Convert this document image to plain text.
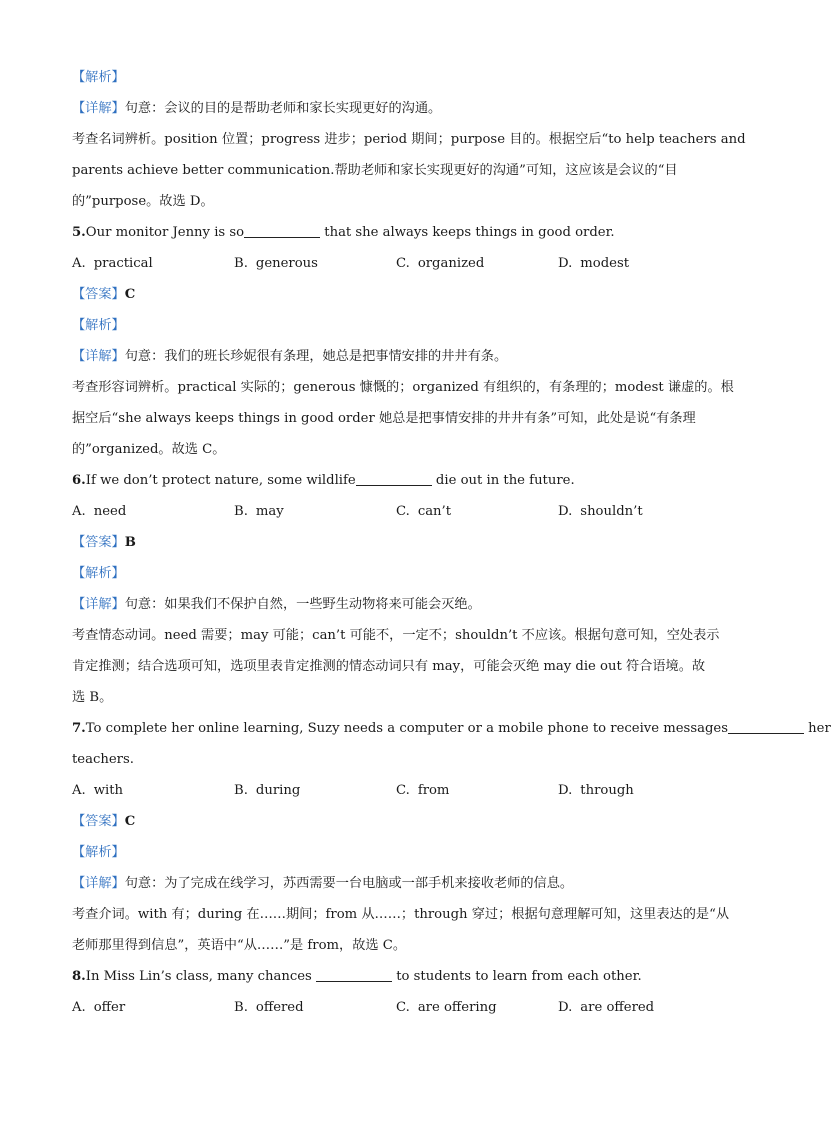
【解析】
【详解】句意：会议的目的是帮助老师和家长实现更好的沟通。
考查名词辨析。position 位置；progress 进步；period 期间；purpose 目的。根据空后“to help teachers and
parents achieve better communication.帮助老师和家长实现更好的沟通”可知，这应该是会议的“目
的”purpose。故选 D。
5.Our monitor Jenny is so	that she always keeps things in good order.
A. practical	B. generous	C. organized	D. modest
【答案】C
【解析】
【详解】句意：我们的班长珍妮很有条理，她总是把事情安排的井井有条。
考查形容词辨析。practical 实际的；generous 慷慨的；organized 有组织的，有条理的；modest 谦虚的。根
据空后“she always keeps things in good order 她总是把事情安排的井井有条”可知，此处是说“有条理
的”organized。故选 C。
6.If we don’t protect nature, some wildlife	die out in the future.
A. need	B. may	C. can’t	D. shouldn’t
【答案】B
【解析】
【详解】句意：如果我们不保护自然，一些野生动物将来可能会灭绝。
考查情态动词。need 需要；may 可能；can’t 可能不，一定不；shouldn’t 不应该。根据句意可知，空处表示
肯定推测；结合选项可知，选项里表肯定推测的情态动词只有 may，可能会灭绝 may die out 符合语境。故
选 B。
7.To complete her online learning, Suzy needs a computer or a mobile phone to receive messages	her
teachers.
A. with	B. during	C. from	D. through
【答案】C
【解析】
【详解】句意：为了完成在线学习，苏西需要一台电脑或一部手机来接收老师的信息。
考查介词。with 有；during 在……期间；from 从……；through 穿过；根据句意理解可知，这里表达的是“从
老师那里得到信息”，英语中“从……”是 from，故选 C。
8.In Miss Lin’s class, many chances	to students to learn from each other.
A. offer	B. offered	C. are offering	D. are offered
